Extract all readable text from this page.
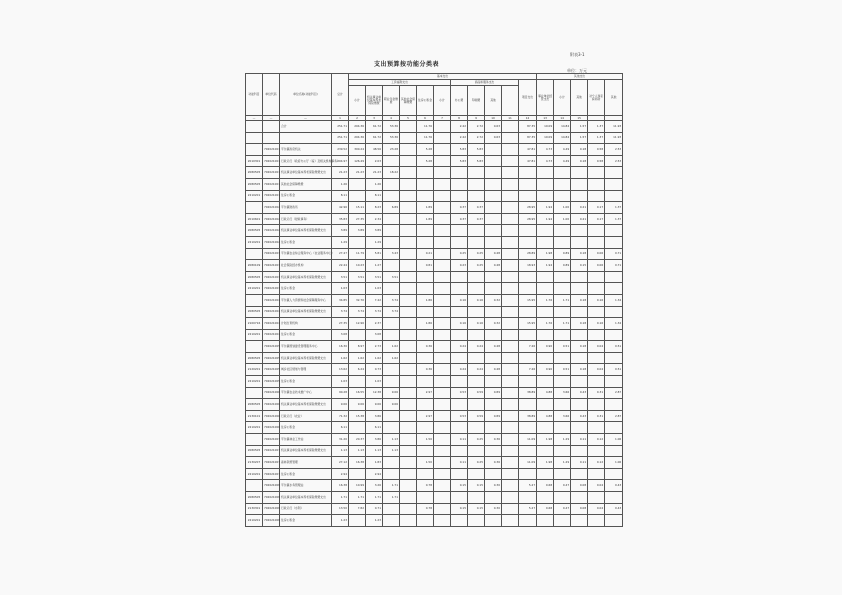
附表3-1
支出预算按功能分类表
单位：万元
功能科目	单位代码	单位名称(功能科目)	总计	基本支出											其他支出				
				工资福利支出						商品和服务支出				项目支出	事业单位经营支出	小计	其他	对个人和家庭补助	其他
				小计	机关事业单位基本养老保险缴费	职业年金缴费	其他社会保障缴费	住房公积金	小计	办公费	印刷费	其他							
—	—	—	1	2	3	4	5	6	7	8	9	10	11	12	13	14	15		
		合计	251.71	204.36	61.72	53.36		11.76		2.42	2.72	0.63		87.35	19.09	14.84	1.57	1.37	11.93
			251.71	204.36	61.72	53.36		11.76		2.42	2.72	0.63		87.35	19.09	14.84	1.57	1.37	11.93
	702021001	平乐镇政府机关	239.52	300.24	48.56	23.28		5.28		5.83	5.83			47.81	4.73	4.49	0.18	0.58	2.53
2010301	702021001	行政运行（政府办公厅（室）及相关机构事务）	204.97	126.49	2.03			5.28		5.83	5.83			47.81	4.73	4.49	0.18	0.58	2.53
2080505	702021001	机关事业单位基本养老保险缴费支出	21.23	21.23	21.23	18.22													
2080505	702021001	其他社会保障缴费	1.26		1.26														
2210201	702021001	住房公积金	8.11		8.11														
	702021002	平乐镇财政所	42.96	15.11	8.23	6.89		1.89		0.37	0.37			28.95	1.94	1.00	0.21	0.17	1.37
2010601	702021002	行政运行（财政事务）	35.83	27.35	2.34			1.89		0.37	0.37			28.95	1.94	1.00	0.21	0.17	1.37
2080505	702021002	机关事业单位基本养老保险缴费支出	3.89	3.89	3.89														
2210201	702021002	住房公积金	1.29		1.29														
	702021003	平乐镇农业综合服务中心（农业服务中心）	27.47	11.79	5.81	3.43		0.21		0.25	0.25	0.48		28.89	1.98	0.89	0.18	0.06	0.71
2080109	702021003	社会保险经办机构	22.44	10.23	1.27			0.81		0.23	0.25	0.48		18.93	1.94	0.89	0.15	0.06	0.71
2080505	702021003	机关事业单位基本养老保险缴费支出	3.51	3.51	3.51	3.51													
2210201	702021003	住房公积金	1.03		1.03														
	702021004	平乐镇人力资源和社会保障服务中心	34.85	32.70	7.42	3.74		1.86		0.16	0.16	0.32		15.95	1.76	1.71	0.18	0.16	1.34
2080505	702021004	机关事业单位基本养老保险缴费支出	3.74	3.74	3.74	3.74													
2100716	702021004	计划生育机构	27.35	12.96	2.37			1.86		0.16	0.16	0.32		15.95	1.76	1.71	0.18	0.16	1.34
2210201	702021004	住房公积金	3.08		3.08														
	702021005	平乐镇规划建设管理服务中心	16.30	8.97	2.73	1.62		0.36		0.24	0.24	0.48		7.26	0.90	0.51	0.18	0.04	0.51
2080505	702021005	机关事业单位基本养老保险缴费支出	1.62	1.62	1.62	1.62													
2120201	702021005	城乡社区规划与管理	13.62	6.24	0.73			0.36		0.24	0.24	0.48		7.26	0.90	0.51	0.18	0.04	0.51
2210201	702021005	住房公积金	1.03		1.03														
	702021006	平乐镇农业技术推广中心	90.28	16.55	12.38	9.06		2.97		0.53	0.59	0.89		38.89	4.88	3.66	0.43	0.31	2.87
2080505	702021006	机关事业单位基本养老保险缴费支出	9.06	9.06	9.06	9.06													
2130101	702021006	行政运行（农业）	71.32	15.38	3.86			2.97		0.53	0.59	0.89		38.89	4.88	3.66	0.43	0.31	2.87
2210201	702021006	住房公积金	6.11		6.11														
	702021007	平乐镇林业工作站	31.20	20.37	3.86	1.13		1.50		0.11	0.25	0.36		11.09	1.98	1.29	0.11	0.12	1.06
2080505	702021007	机关事业单位基本养老保险缴费支出	1.13	1.13	1.13	1.13													
2130207	702021007	森林资源管理	27.12	16.38	1.83			1.50		0.11	0.25	0.36		11.09	1.98	1.29	0.11	0.12	1.06
2210201	702021007	住房公积金	2.94		2.94														
	702021008	平乐镇水务管理站	16.38	10.99	3.26	1.71		0.78		0.15	0.15	0.30		5.27	0.68	0.47	0.08	0.04	0.43
2080505	702021008	机关事业单位基本养老保险缴费支出	1.71	1.71	1.71	1.71													
2130301	702021008	行政运行（水利）	13.50	7.82	0.71			0.78		0.15	0.15	0.30		5.27	0.68	0.47	0.08	0.04	0.43
2210201	702021008	住房公积金	1.23		1.23														
